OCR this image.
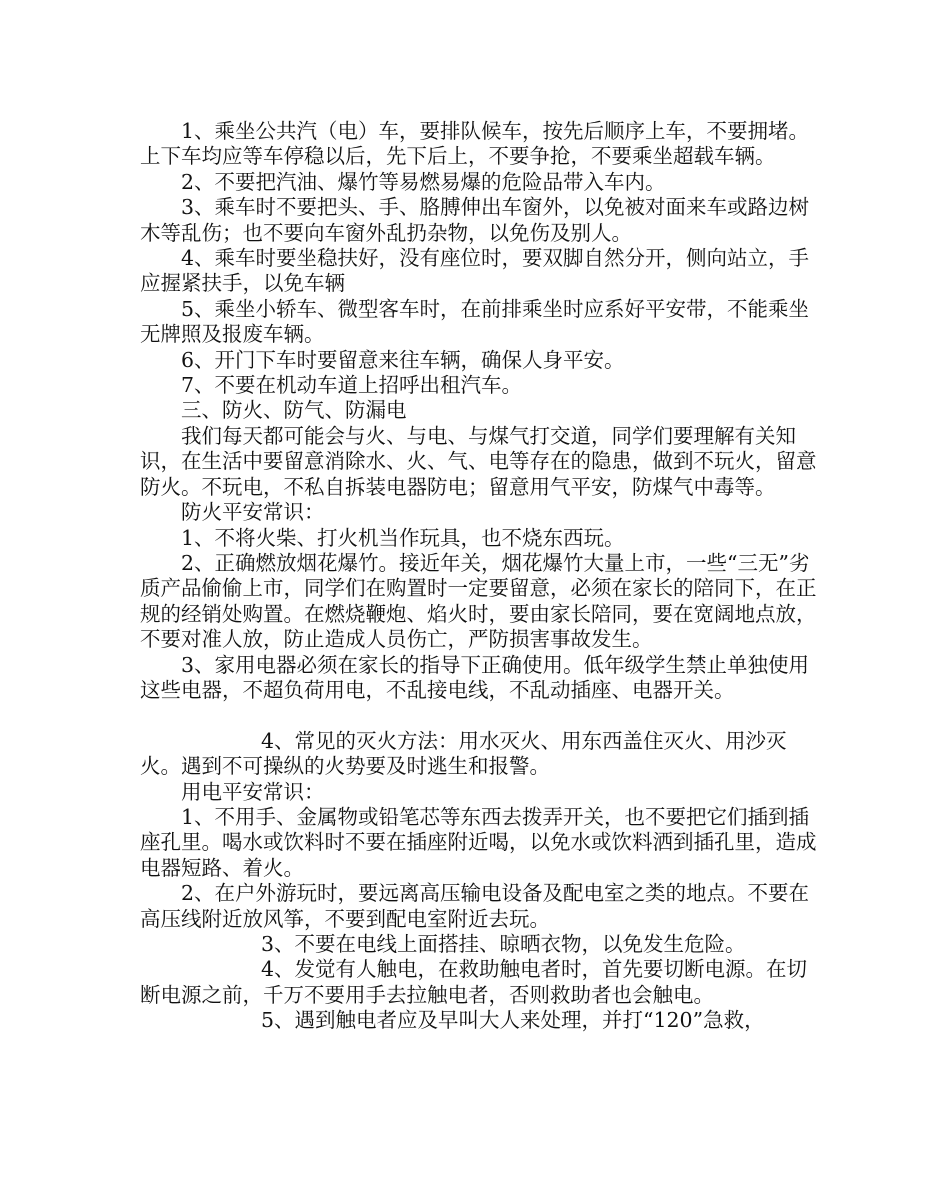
1、乘坐公共汽（电）车，要排队候车，按先后顺序上车，不要拥堵。上下车均应等车停稳以后，先下后上，不要争抢，不要乘坐超载车辆。

2、不要把汽油、爆竹等易燃易爆的危险品带入车内。

3、乘车时不要把头、手、胳膊伸出车窗外，以免被对面来车或路边树木等乱伤；也不要向车窗外乱扔杂物，以免伤及别人。

4、乘车时要坐稳扶好，没有座位时，要双脚自然分开，侧向站立，手应握紧扶手，以免车辆

5、乘坐小轿车、微型客车时，在前排乘坐时应系好平安带，不能乘坐无牌照及报废车辆。

6、开门下车时要留意来往车辆，确保人身平安。

7、不要在机动车道上招呼出租汽车。

三、防火、防气、防漏电

我们每天都可能会与火、与电、与煤气打交道，同学们要理解有关知识，在生活中要留意消除水、火、气、电等存在的隐患，做到不玩火，留意防火。不玩电，不私自拆装电器防电；留意用气平安，防煤气中毒等。

防火平安常识：

1、不将火柴、打火机当作玩具，也不烧东西玩。

2、正确燃放烟花爆竹。接近年关，烟花爆竹大量上市，一些“三无”劣质产品偷偷上市，同学们在购置时一定要留意，必须在家长的陪同下，在正规的经销处购置。在燃烧鞭炮、焰火时，要由家长陪同，要在宽阔地点放，不要对准人放，防止造成人员伤亡，严防损害事故发生。

3、家用电器必须在家长的指导下正确使用。低年级学生禁止单独使用这些电器，不超负荷用电，不乱接电线，不乱动插座、电器开关。

4、常见的灭火方法：用水灭火、用东西盖住灭火、用沙灭火。遇到不可操纵的火势要及时逃生和报警。

用电平安常识：

1、不用手、金属物或铅笔芯等东西去拨弄开关，也不要把它们插到插座孔里。喝水或饮料时不要在插座附近喝，以免水或饮料洒到插孔里，造成电器短路、着火。

2、在户外游玩时，要远离高压输电设备及配电室之类的地点。不要在高压线附近放风筝，不要到配电室附近去玩。

3、不要在电线上面搭挂、晾晒衣物，以免发生危险。

4、发觉有人触电，在救助触电者时，首先要切断电源。在切断电源之前，千万不要用手去拉触电者，否则救助者也会触电。

5、遇到触电者应及早叫大人来处理，并打“120”急救，
